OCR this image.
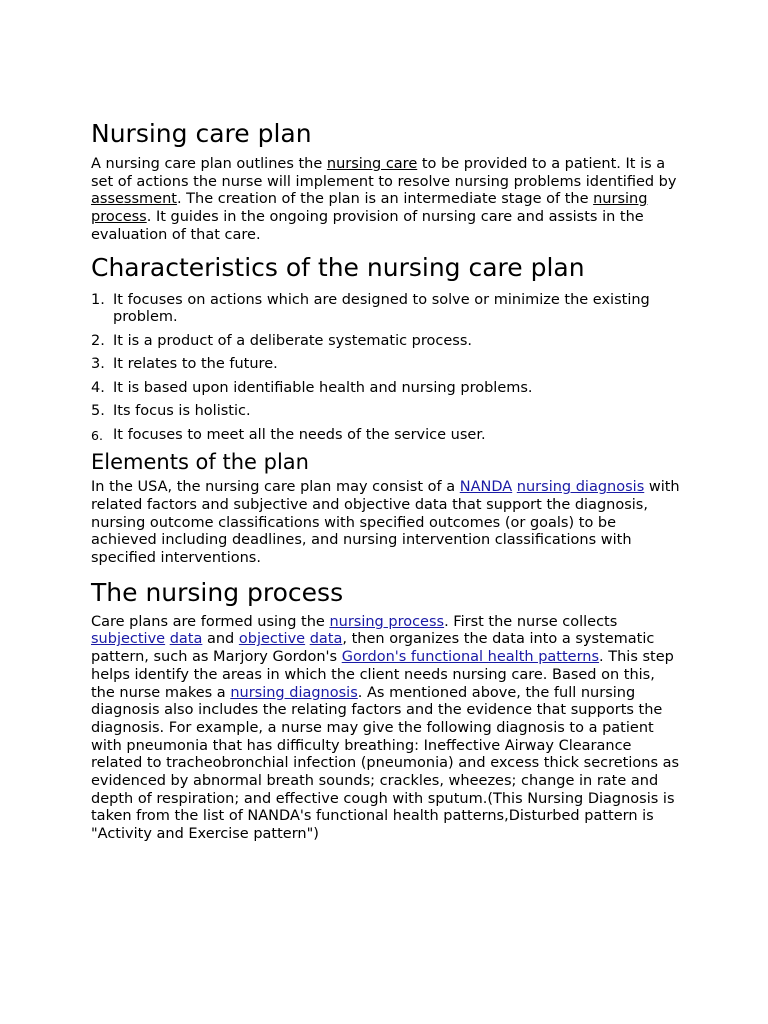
Nursing care plan

A nursing care plan outlines the nursing care to be provided to a patient. It is a set of actions the nurse will implement to resolve nursing problems identified by assessment. The creation of the plan is an intermediate stage of the nursing process. It guides in the ongoing provision of nursing care and assists in the evaluation of that care.

Characteristics of the nursing care plan
1. It focuses on actions which are designed to solve or minimize the existing problem.
2. It is a product of a deliberate systematic process.
3. It relates to the future.
4. It is based upon identifiable health and nursing problems.
5. Its focus is holistic.
6. It focuses to meet all the needs of the service user.
Elements of the plan

In the USA, the nursing care plan may consist of a NANDA nursing diagnosis with related factors and subjective and objective data that support the diagnosis, nursing outcome classifications with specified outcomes (or goals) to be achieved including deadlines, and nursing intervention classifications with specified interventions.

The nursing process

Care plans are formed using the nursing process. First the nurse collects subjective data and objective data, then organizes the data into a systematic pattern, such as Marjory Gordon's Gordon's functional health patterns. This step helps identify the areas in which the client needs nursing care. Based on this, the nurse makes a nursing diagnosis. As mentioned above, the full nursing diagnosis also includes the relating factors and the evidence that supports the diagnosis. For example, a nurse may give the following diagnosis to a patient with pneumonia that has difficulty breathing: Ineffective Airway Clearance related to tracheobronchial infection (pneumonia) and excess thick secretions as evidenced by abnormal breath sounds; crackles, wheezes; change in rate and depth of respiration; and effective cough with sputum.(This Nursing Diagnosis is taken from the list of NANDA's functional health patterns,Disturbed pattern is "Activity and Exercise pattern")
